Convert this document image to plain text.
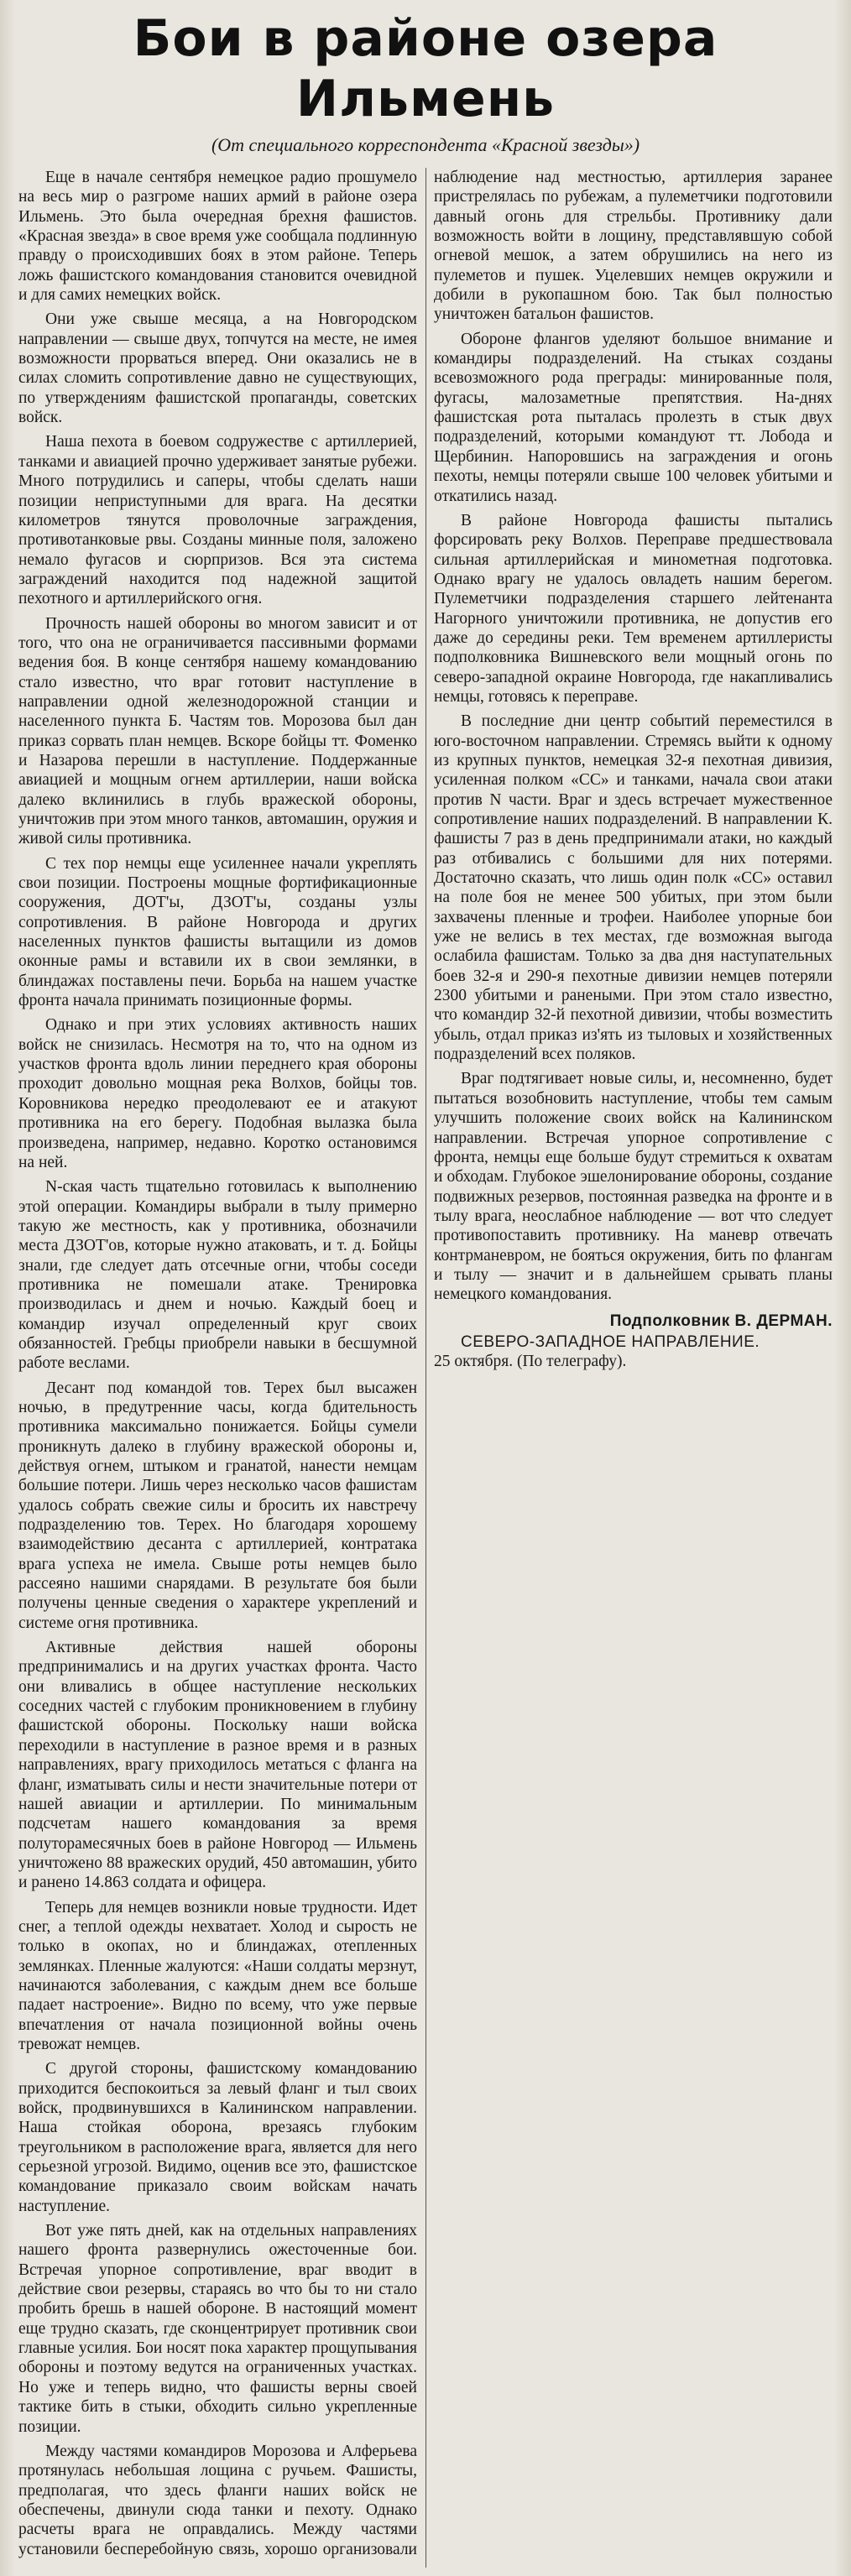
Бои в районе озера
Ильмень
(От специального корреспондента «Красной звезды»)

Еще в начале сентября немецкое радио прошумело на весь мир о разгроме наших армий в районе озера Ильмень. Это была очередная брехня фашистов. «Красная звезда» в свое время уже сообщала подлинную правду о происходивших боях в этом районе. Теперь ложь фашистского командования становится очевидной и для самих немецких войск.

Они уже свыше месяца, а на Новгородском направлении — свыше двух, топчутся на месте, не имея возможности прорваться вперед. Они оказались не в силах сломить сопротивление давно не существующих, по утверждениям фашистской пропаганды, советских войск.

Наша пехота в боевом содружестве с артиллерией, танками и авиацией прочно удерживает занятые рубежи. Много потрудились и саперы, чтобы сделать наши позиции неприступными для врага. На десятки километров тянутся проволочные заграждения, противотанковые рвы. Созданы минные поля, заложено немало фугасов и сюрпризов. Вся эта система заграждений находится под надежной защитой пехотного и артиллерийского огня.

Прочность нашей обороны во многом зависит и от того, что она не ограничивается пассивными формами ведения боя. В конце сентября нашему командованию стало известно, что враг готовит наступление в направлении одной железнодорожной станции и населенного пункта Б. Частям тов. Морозова был дан приказ сорвать план немцев. Вскоре бойцы тт. Фоменко и Назарова перешли в наступление. Поддержанные авиацией и мощным огнем артиллерии, наши войска далеко вклинились в глубь вражеской обороны, уничтожив при этом много танков, автомашин, оружия и живой силы противника.

С тех пор немцы еще усиленнее начали укреплять свои позиции. Построены мощные фортификационные сооружения, ДОТ'ы, ДЗОТ'ы, созданы узлы сопротивления. В районе Новгорода и других населенных пунктов фашисты вытащили из домов оконные рамы и вставили их в свои землянки, в блиндажах поставлены печи. Борьба на нашем участке фронта начала принимать позиционные формы.

Однако и при этих условиях активность наших войск не снизилась. Несмотря на то, что на одном из участков фронта вдоль линии переднего края обороны проходит довольно мощная река Волхов, бойцы тов. Коровникова нередко преодолевают ее и атакуют противника на его берегу. Подобная вылазка была произведена, например, недавно. Коротко остановимся на ней.

N-ская часть тщательно готовилась к выполнению этой операции. Командиры выбрали в тылу примерно такую же местность, как у противника, обозначили места ДЗОТ'ов, которые нужно атаковать, и т. д. Бойцы знали, где следует дать отсечные огни, чтобы соседи противника не помешали атаке. Тренировка производилась и днем и ночью. Каждый боец и командир изучал определенный круг своих обязанностей. Гребцы приобрели навыки в бесшумной работе веслами.

Десант под командой тов. Терех был высажен ночью, в предутренние часы, когда бдительность противника максимально понижается. Бойцы сумели проникнуть далеко в глубину вражеской обороны и, действуя огнем, штыком и гранатой, нанести немцам большие потери. Лишь через несколько часов фашистам удалось собрать свежие силы и бросить их навстречу подразделению тов. Терех. Но благодаря хорошему взаимодействию десанта с артиллерией, контратака врага успеха не имела. Свыше роты немцев было рассеяно нашими снарядами. В результате боя были получены ценные сведения о характере укреплений и системе огня противника.

Активные действия нашей обороны предпринимались и на других участках фронта. Часто они вливались в общее наступление нескольких соседних частей с глубоким проникновением в глубину фашистской обороны. Поскольку наши войска переходили в наступление в разное время и в разных направлениях, врагу приходилось метаться с фланга на фланг, изматывать силы и нести значительные потери от нашей авиации и артиллерии. По минимальным подсчетам нашего командования за время полуторамесячных боев в районе Новгород — Ильмень уничтожено 88 вражеских орудий, 450 автомашин, убито и ранено 14.863 солдата и офицера.

Теперь для немцев возникли новые трудности. Идет снег, а теплой одежды нехватает. Холод и сырость не только в окопах, но и блиндажах, отепленных землянках. Пленные жалуются: «Наши солдаты мерзнут, начинаются заболевания, с каждым днем все больше падает настроение». Видно по всему, что уже первые впечатления от начала позиционной войны очень тревожат немцев.

С другой стороны, фашистскому командованию приходится беспокоиться за левый фланг и тыл своих войск, продвинувшихся в Калининском направлении. Наша стойкая оборона, врезаясь глубоким треугольником в расположение врага, является для него серьезной угрозой. Видимо, оценив все это, фашистское командование приказало своим войскам начать наступление.

Вот уже пять дней, как на отдельных направлениях нашего фронта развернулись ожесточенные бои. Встречая упорное сопротивление, враг вводит в действие свои резервы, стараясь во что бы то ни стало пробить брешь в нашей обороне. В настоящий момент еще трудно сказать, где сконцентрирует противник свои главные усилия. Бои носят пока характер прощупывания обороны и поэтому ведутся на ограниченных участках. Но уже и теперь видно, что фашисты верны своей тактике бить в стыки, обходить сильно укрепленные позиции.

Между частями командиров Морозова и Алферьева протянулась небольшая лощина с ручьем. Фашисты, предполагая, что здесь фланги наших войск не обеспечены, двинули сюда танки и пехоту. Однако расчеты врага не оправдались. Между частями установили бесперебойную связь, хорошо организовали наблюдение над местностью, артиллерия заранее пристрелялась по рубежам, а пулеметчики подготовили давный огонь для стрельбы. Противнику дали возможность войти в лощину, представлявшую собой огневой мешок, а затем обрушились на него из пулеметов и пушек. Уцелевших немцев окружили и добили в рукопашном бою. Так был полностью уничтожен батальон фашистов.

Обороне флангов уделяют большое внимание и командиры подразделений. На стыках созданы всевозможного рода преграды: минированные поля, фугасы, малозаметные препятствия. На-днях фашистская рота пыталась пролезть в стык двух подразделений, которыми командуют тт. Лобода и Щербинин. Напоровшись на заграждения и огонь пехоты, немцы потеряли свыше 100 человек убитыми и откатились назад.

В районе Новгорода фашисты пытались форсировать реку Волхов. Переправе предшествовала сильная артиллерийская и минометная подготовка. Однако врагу не удалось овладеть нашим берегом. Пулеметчики подразделения старшего лейтенанта Нагорного уничтожили противника, не допустив его даже до середины реки. Тем временем артиллеристы подполковника Вишневского вели мощный огонь по северо-западной окраине Новгорода, где накапливались немцы, готовясь к переправе.

В последние дни центр событий переместился в юго-восточном направлении. Стремясь выйти к одному из крупных пунктов, немецкая 32-я пехотная дивизия, усиленная полком «СС» и танками, начала свои атаки против N части. Враг и здесь встречает мужественное сопротивление наших подразделений. В направлении К. фашисты 7 раз в день предпринимали атаки, но каждый раз отбивались с большими для них потерями. Достаточно сказать, что лишь один полк «СС» оставил на поле боя не менее 500 убитых, при этом были захвачены пленные и трофеи. Наиболее упорные бои уже не велись в тех местах, где возможная выгода ослабила фашистам. Только за два дня наступательных боев 32-я и 290-я пехотные дивизии немцев потеряли 2300 убитыми и ранеными. При этом стало известно, что командир 32-й пехотной дивизии, чтобы возместить убыль, отдал приказ из'ять из тыловых и хозяйственных подразделений всех поляков.

Враг подтягивает новые силы, и, несомненно, будет пытаться возобновить наступление, чтобы тем самым улучшить положение своих войск на Калининском направлении. Встречая упорное сопротивление с фронта, немцы еще больше будут стремиться к охватам и обходам. Глубокое эшелонирование обороны, создание подвижных резервов, постоянная разведка на фронте и в тылу врага, неослабное наблюдение — вот что следует противопоставить противнику. На маневр отвечать контрманевром, не бояться окружения, бить по флангам и тылу — значит и в дальнейшем срывать планы немецкого командования.

Подполковник В. ДЕРМАН.

СЕВЕРО-ЗАПАДНОЕ НАПРАВЛЕНИЕ.
25 октября. (По телеграфу).
